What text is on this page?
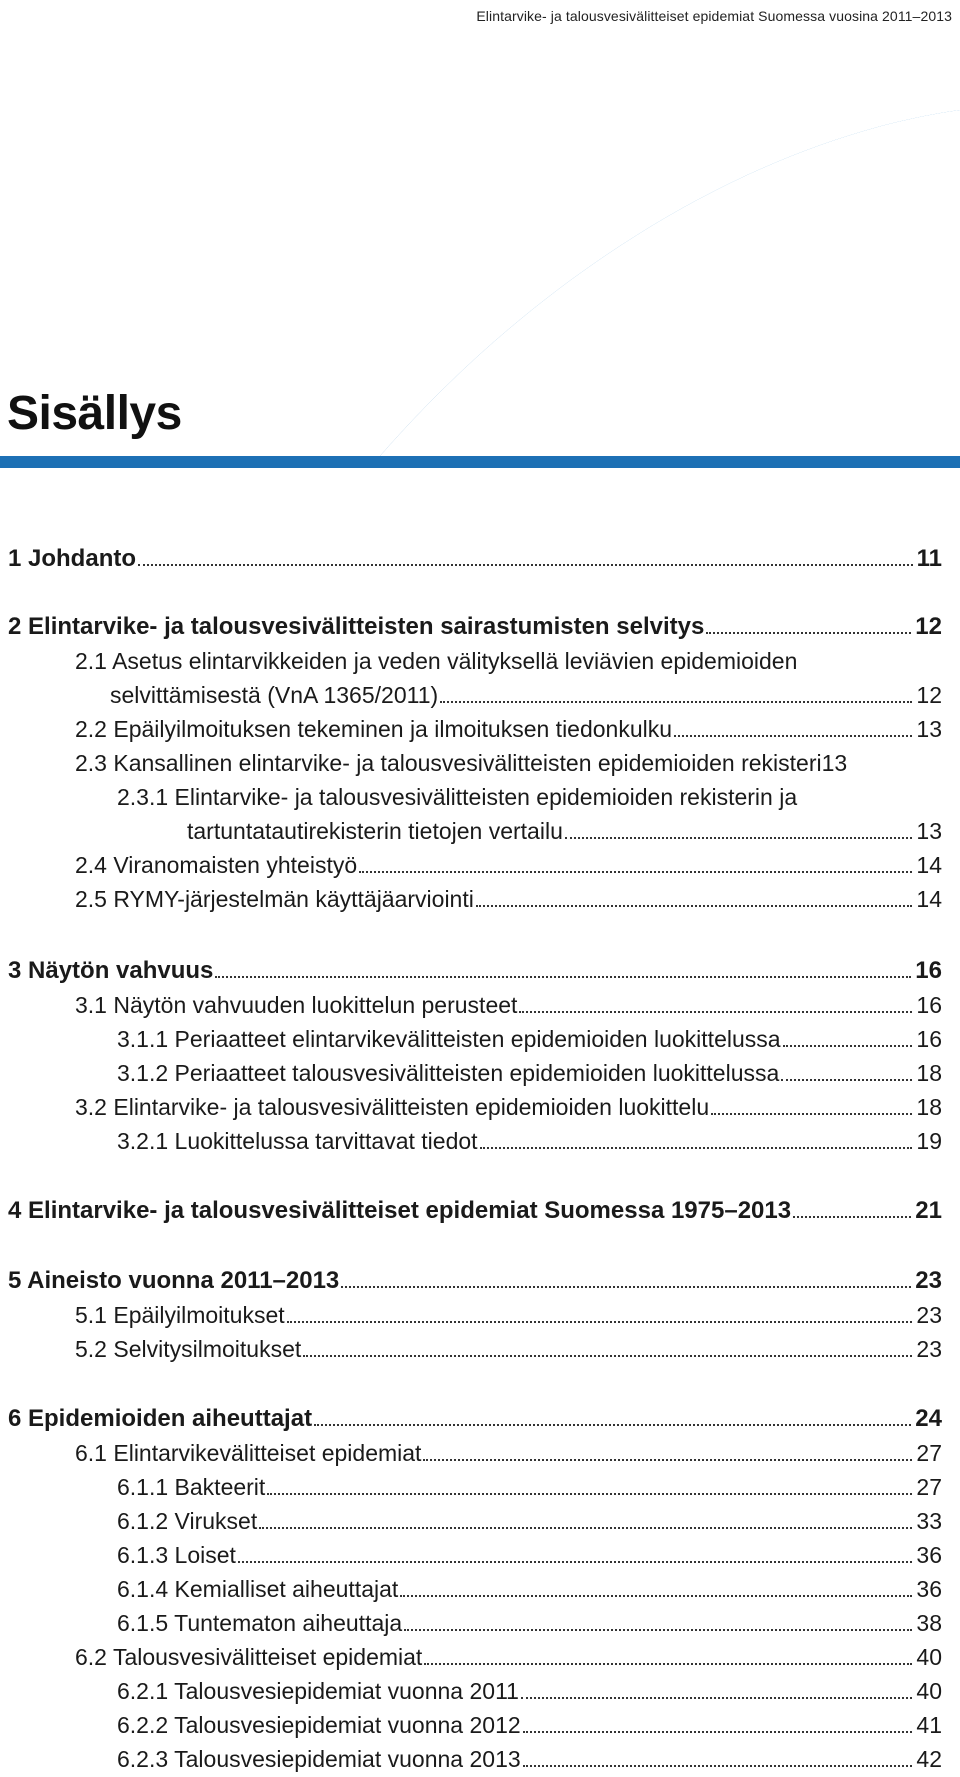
Elintarvike- ja talousvesivälitteiset epidemiat Suomessa vuosina 2011–2013
Sisällys
1 Johdanto	11
2 Elintarvike- ja talousvesivälitteisten sairastumisten selvitys	12
2.1 Asetus elintarvikkeiden ja veden välityksellä leviävien epidemioiden
selvittämisestä (VnA 1365/2011)	12
2.2 Epäilyilmoituksen tekeminen ja ilmoituksen tiedonkulku	13
2.3 Kansallinen elintarvike- ja talousvesivälitteisten epidemioiden rekisteri 13
2.3.1 Elintarvike- ja talousvesivälitteisten epidemioiden rekisterin ja
tartuntatautirekisterin tietojen vertailu	13
2.4 Viranomaisten yhteistyö	14
2.5 RYMY-järjestelmän käyttäjäarviointi	14
3 Näytön vahvuus	16
3.1 Näytön vahvuuden luokittelun perusteet	16
3.1.1 Periaatteet elintarvikevälitteisten epidemioiden luokittelussa	16
3.1.2 Periaatteet talousvesivälitteisten epidemioiden luokittelussa	18
3.2 Elintarvike- ja talousvesivälitteisten epidemioiden luokittelu	18
3.2.1 Luokittelussa tarvittavat tiedot	19
4 Elintarvike- ja talousvesivälitteiset epidemiat Suomessa 1975–2013	21
5 Aineisto vuonna 2011–2013	23
5.1 Epäilyilmoitukset	23
5.2 Selvitysilmoitukset	23
6 Epidemioiden aiheuttajat	24
6.1 Elintarvikevälitteiset epidemiat	27
6.1.1 Bakteerit	27
6.1.2 Virukset	33
6.1.3 Loiset	36
6.1.4 Kemialliset aiheuttajat	36
6.1.5 Tuntematon aiheuttaja	38
6.2 Talousvesivälitteiset epidemiat	40
6.2.1 Talousvesiepidemiat vuonna 2011	40
6.2.2 Talousvesiepidemiat vuonna 2012	41
6.2.3 Talousvesiepidemiat vuonna 2013	42
